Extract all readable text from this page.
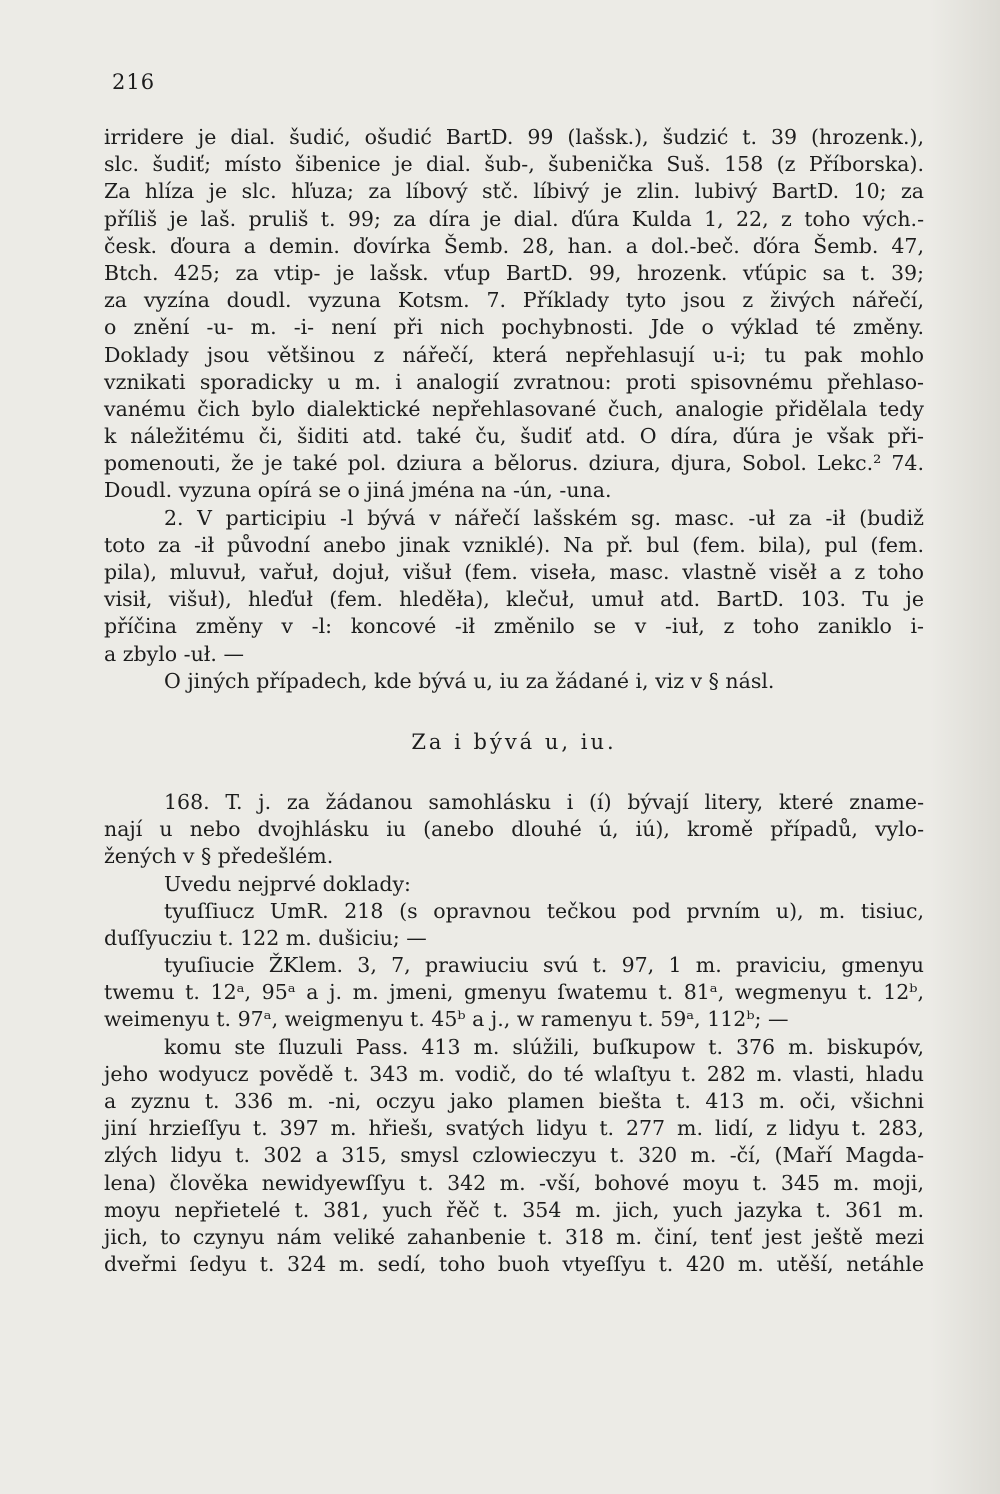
216
irridere je dial. šudić, ošudić BartD. 99 (lašsk.), šudzić t. 39 (hrozenk.),
slc. šudiť; místo šibenice je dial. šub-, šubenička Suš. 158 (z Příborska).
Za hlíza je slc. hľuza; za líbový stč. líbivý je zlin. lubivý BartD. 10; za
příliš je laš. pruliš t. 99; za díra je dial. ďúra Kulda 1, 22, z toho vých.-
česk. ďoura a demin. ďovírka Šemb. 28, han. a dol.-beč. ďóra Šemb. 47,
Btch. 425; za vtip- je lašsk. vťup BartD. 99, hrozenk. vťúpic sa t. 39;
za vyzína doudl. vyzuna Kotsm. 7. Příklady tyto jsou z živých nářečí,
o znění -u- m. -i- není při nich pochybnosti. Jde o výklad té změny.
Doklady jsou většinou z nářečí, která nepřehlasují u-i; tu pak mohlo
vznikati sporadicky u m. i analogií zvratnou: proti spisovnému přehlaso-
vanému čich bylo dialektické nepřehlasované čuch, analogie přidělala tedy
k náležitému či, šiditi atd. také ču, šudiť atd. O díra, ďúra je však při-
pomenouti, že je také pol. dziura a bělorus. dziura, djura, Sobol. Lekc.² 74.
Doudl. vyzuna opírá se o jiná jména na -ún, -una.
2. V participiu -l bývá v nářečí lašském sg. masc. -uł za -ił (budiž
toto za -ił původní anebo jinak vzniklé). Na př. bul (fem. bila), pul (fem.
pila), mluvuł, vařuł, dojuł, višuł (fem. viseła, masc. vlastně visěł a z toho
visił, višuł), hleďuł (fem. hleděła), klečuł, umuł atd. BartD. 103. Tu je
příčina změny v -l: koncové -ił změnilo se v -iuł, z toho zaniklo i-
a zbylo -uł. —
O jiných případech, kde bývá u, iu za žádané i, viz v § násl.
Za i bývá u, iu.
168. T. j. za žádanou samohlásku i (í) bývají litery, které zname-
nají u nebo dvojhlásku iu (anebo dlouhé ú, iú), kromě případů, vylo-
žených v § předešlém.
Uvedu nejprvé doklady:
tyuſſiucz UmR. 218 (s opravnou tečkou pod prvním u), m. tisiuc,
duſſyucziu t. 122 m. dušiciu; —
tyuſiucie ŽKlem. 3, 7, prawiuciu svú t. 97, 1 m. praviciu, gmenyu
twemu t. 12ᵃ, 95ᵃ a j. m. jmeni, gmenyu ſwatemu t. 81ᵃ, wegmenyu t. 12ᵇ,
weimenyu t. 97ᵃ, weigmenyu t. 45ᵇ a j., w ramenyu t. 59ᵃ, 112ᵇ; —
komu ste ſluzuli Pass. 413 m. slúžili, buſkupow t. 376 m. biskupóv,
jeho wodyucz povědě t. 343 m. vodič, do té wlaſtyu t. 282 m. vlasti, hladu
a zyznu t. 336 m. -ni, oczyu jako plamen biešta t. 413 m. oči, všichni
jiní hrzieſſyu t. 397 m. hřiešı, svatých lidyu t. 277 m. lidí, z lidyu t. 283,
zlých lidyu t. 302 a 315, smysl czlowieczyu t. 320 m. -čí, (Maří Magda-
lena) člověka newidyewſſyu t. 342 m. -vší, bohové moyu t. 345 m. moji,
moyu nepřietelé t. 381, yuch řěč t. 354 m. jich, yuch jazyka t. 361 m.
jich, to czynyu nám veliké zahanbenie t. 318 m. činí, tenť jest ještě mezi
dveřmi ſedyu t. 324 m. sedí, toho buoh vtyeſſyu t. 420 m. utěší, netáhle
